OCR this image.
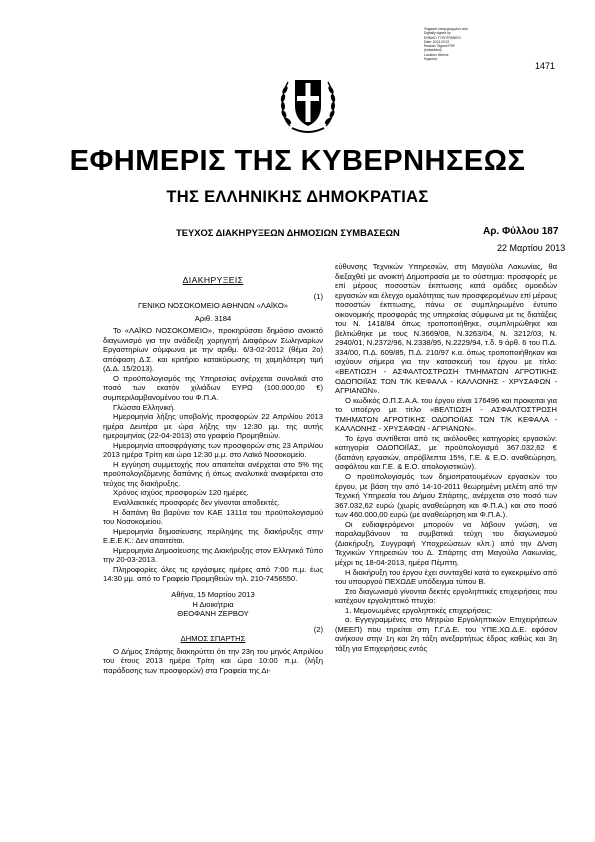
Ψηφιακά υπογεγραμμένο από
Digitally signed by
ΕΘΝΙΚΟ ΤΥΠΟΓΡΑΦΕΙΟ
Date: 2013.03.22
Reason: Signed PDF
(embedded)
Location: Athens
Κηφισίας
1471
ΕΦΗΜΕΡΙΣ ΤΗΣ ΚΥΒΕΡΝΗΣΕΩΣ
ΤΗΣ ΕΛΛΗΝΙΚΗΣ ΔΗΜΟΚΡΑΤΙΑΣ
ΤΕΥΧΟΣ ΔΙΑΚΗΡΥΞΕΩΝ ΔΗΜΟΣΙΩΝ ΣΥΜΒΑΣΕΩΝ	Αρ. Φύλλου 187
22 Μαρτίου 2013
ΔΙΑΚΗΡΥΞΕΙΣ

(1)

ΓΕΝΙΚΟ ΝΟΣΟΚΟΜΕΙΟ ΑΘΗΝΩΝ «ΛΑΪΚΟ»

Αριθ. 3184

Το «ΛΑΪΚΟ ΝΟΣΟΚΟΜΕΙΟ», προκηρύσσει δημόσιο ανοικτό διαγωνισμό για την ανάδειξη χορηγητή Διαφόρων Σωληναρίων Εργαστηρίων σύμφωνα με την αριθμ. 6/3-02-2012 (θέμα 2ο) απόφαση Δ.Σ. και κριτήριο κατακύρωσης τη χαμηλότερη τιμή (Δ.Δ. 15/2013).

Ο προϋπολογισμός της Υπηρεσίας ανέρχεται συνολικά στο ποσό των εκατόν χιλιάδων ΕΥΡΩ (100.000,00 €) συμπεριλαμβανομένου του Φ.Π.Α.

Γλώσσα Ελληνική.

Ημερομηνία λήξης υποβολής προσφορών 22 Απριλίου 2013 ημέρα Δευτέρα με ώρα λήξης την 12:30 μμ. της αυτής ημερομηνίας (22-04-2013) στο γραφείο Προμηθειών.

Ημερομηνία αποσφράγισης των προσφορών στις 23 Απριλίου 2013 ημέρα Τρίτη και ώρα 12:30 μ.μ. στο Λαϊκό Νοσοκομείο.

Η εγγύηση συμμετοχής που απαιτείται ανέρχεται στο 5% της προϋπολογιζόμενης δαπάνης ή όπως αναλυτικά αναφέρεται στο τεύχος της διακήρυξης.

Χρόνος ισχύος προσφορών 120 ημέρες.

Εναλλακτικές προσφορές δεν γίνονται αποδεκτές.

Η δαπάνη θα βαρύνει τον ΚΑΕ 1311α του προϋπολογισμού του Νοσοκομείου.

Ημερομηνία δημοσίευσης περίληψης της διακήρυξης στην Ε.Ε.Ε.Κ.: Δεν απαιτείται.

Ημερομηνία Δημοσίευσης της Διακήρυξης στον Ελληνικό Τύπο την 20-03-2013.

Πληροφορίες όλες τις εργάσιμες ημέρες από 7:00 π.μ. έως 14:30 μμ. από το Γραφείο Προμηθειών τηλ. 210-7456550.

Αθήνα, 15 Μαρτίου 2013

Η Διοικήτρια

ΘΕΟΦΑΝΗ ΖΕΡΒΟΥ

(2)

ΔΗΜΟΣ ΣΠΑΡΤΗΣ

Ο Δήμος Σπάρτης διακηρύττει ότι την 23η του μηνός Απριλίου του έτους 2013 ημέρα Τρίτη και ώρα 10:00 π.μ. (λήξη παράδοσης των προσφορών) στα Γραφεία της Δι-

εύθυνσης Τεχνικών Υπηρεσιών, στη Μαγούλα Λακωνίας, θα διεξαχθεί με ανοικτή Δημοπρασία με το σύστημα: προσφορές με επί μέρους ποσοστών έκπτωσης κατά ομάδες ομοειδών εργασιών και έλεγχο ομαλότητας των προσφερομένων επί μέρους ποσοστών έκπτωσης, πάνω σε συμπληρωμένο έντυπο οικονομικής προσφοράς της υπηρεσίας σύμφωνα με τις διατάξεις του Ν. 1418/84 όπως τροποποιήθηκε, συμπληρώθηκε και βελτιώθηκε με τους Ν.3669/08, Ν.3263/04, Ν. 3212/03, Ν. 2940/01, Ν.2372/96, Ν.2338/95, Ν.2229/94, τ.δ. 9 άρθ. 6 του Π.Δ. 334/00, Π.Δ. 609/85, Π.Δ. 210/97 κ.α. όπως τροποποιήθηκαν και ισχύουν σήμερα για την κατασκευή του έργου με τίτλο: «ΒΕΛΤΙΩΣΗ - ΑΣΦΑΛΤΟΣΤΡΩΣΗ ΤΜΗΜΑΤΩΝ ΑΓΡΟΤΙΚΗΣ ΟΔΟΠΟΙΪΑΣ ΤΩΝ Τ/Κ ΚΕΦΑΛΑ - ΚΑΛΛΟΝΗΣ - ΧΡΥΣΑΦΩΝ - ΑΓΡΙΑΝΩΝ».

Ο κωδικός Ο.Π.Σ.Α.Α. του έργου είναι 176496 και προκειται για το υποέργο με τίτλο «ΒΕΛΤΙΩΣΗ - ΑΣΦΑΛΤΟΣΤΡΩΣΗ ΤΜΗΜΑΤΩΝ ΑΓΡΟΤΙΚΗΣ ΟΔΟΠΟΙΪΑΣ ΤΩΝ Τ/Κ ΚΕΦΑΛΑ - ΚΑΛΛΟΝΗΣ - ΧΡΥΣΑΦΩΝ - ΑΓΡΙΑΝΩΝ».

Το έργο συντίθεται από τις ακόλουθες κατηγορίες εργασιών: κατηγορία ΟΔΟΠΟΙΪΑΣ, με προϋπολογισμό 367.032,62 € (δαπάνη εργασιών, απρόβλεπτα 15%, Γ.Ε. & Ε.Ο. αναθεώρηση, ασφάλτου και Γ.Ε. & Ε.Ο. απολογιστικών).

Ο προϋπολογισμός των δημοπρατουμένων εργασιών του έργου, με βάση την από 14-10-2011 θεωρημένη μελέτη από την Τεχνική Υπηρεσία του Δήμου Σπάρτης, ανέρχεται στο ποσό των 367.032,62 ευρώ (χωρίς αναθεώρηση και Φ.Π.Α.) και στο ποσό των 460.000,00 ευρώ (με αναθεώρηση και Φ.Π.Α.).

Οι ενδιαφερόμενοι μπορούν να λάβουν γνώση, να παραλαμβάνουν τα συμβατικά τεύχη του διαγωνισμού (Διακήρυξη, Συγγραφή Υποχρεώσεων κλπ.) από την Δ/νση Τεχνικών Υπηρεσιών του Δ. Σπάρτης στη Μαγούλα Λακωνίας, μέχρι τις 18-04-2013, ημέρα Πέμπτη.

Η διακήρυξη του έργου έχει συνταχθεί κατά το εγκεκριμένο από του υπουργού ΠΕΧΩΔΕ υπόδειγμα τύπου Β.

Στο διαγωνισμό γίνονται δεκτές εργοληπτικές επιχειρήσεις που κατέχουν εργοληπτικό πτυχίο:

1. Μεμονωμένες εργοληπτικές επιχειρήσεις:

α. Εγγεγραμμένες στο Μητρώο Εργοληπτικών Επιχειρήσεων (ΜΕΕΠ) που τηρείται στη Γ.Γ.Δ.Ε. του ΥΠΕ.ΧΩ.Δ.Ε. εφόσον ανήκουν στην 1η και 2η τάξη ανεξαρτήτως έδρας καθώς και 3η τάξη για Επιχειρήσεις εντός
